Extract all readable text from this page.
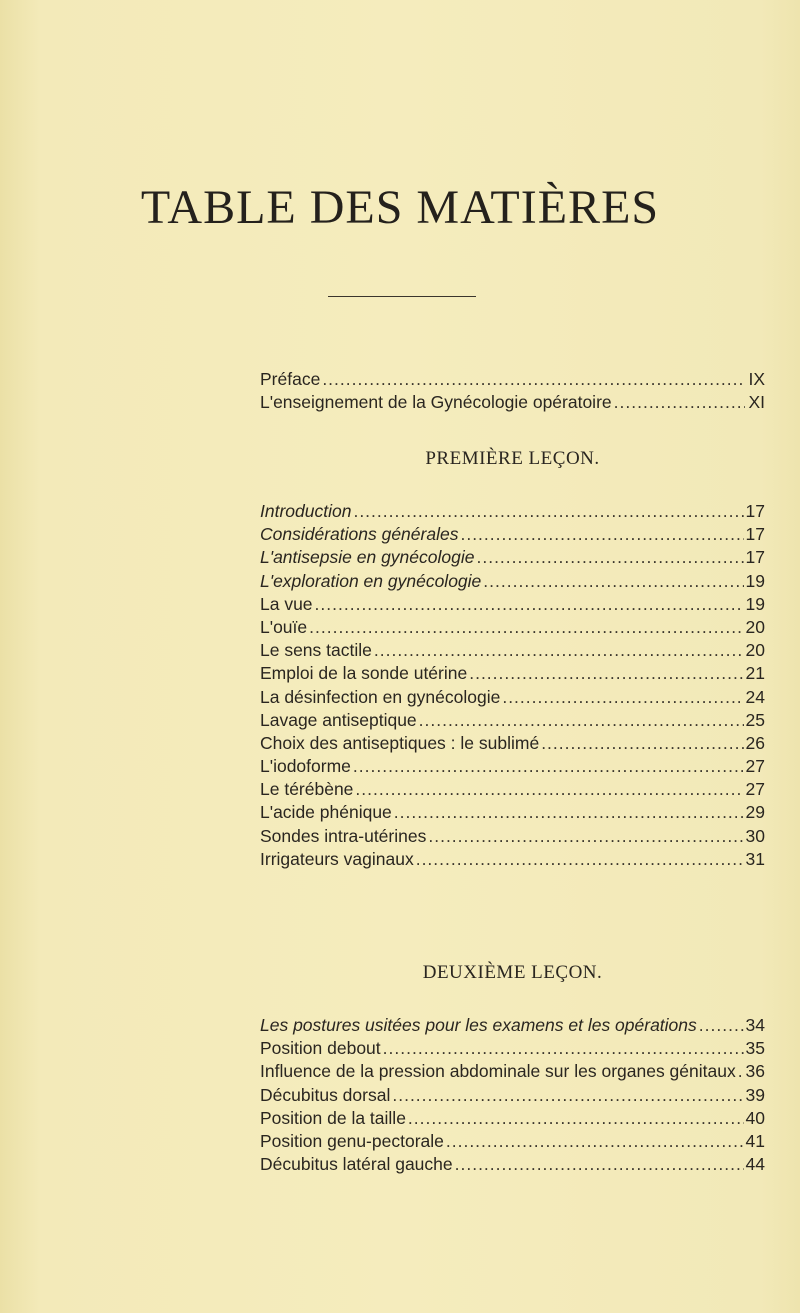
TABLE DES MATIÈRES
Préface .....	IX
L'enseignement de la Gynécologie opératoire .....	XI
PREMIÈRE LEÇON.
Introduction .....	17
Considérations générales .....	17
L'antisepsie en gynécologie .....	17
L'exploration en gynécologie .....	19
La vue .....	19
L'ouïe .....	20
Le sens tactile .....	20
Emploi de la sonde utérine .....	21
La désinfection en gynécologie .....	24
Lavage antiseptique .....	25
Choix des antiseptiques : le sublimé .....	26
L'iodoforme .....	27
Le térébène .....	27
L'acide phénique .....	29
Sondes intra-utérines .....	30
Irrigateurs vaginaux .....	31
DEUXIÈME LEÇON.
Les postures usitées pour les examens et les opérations .....	34
Position debout .....	35
Influence de la pression abdominale sur les organes génitaux ..... 36
Décubitus dorsal .....	39
Position de la taille .....	40
Position genu-pectorale .....	41
Décubitus latéral gauche .....	44
